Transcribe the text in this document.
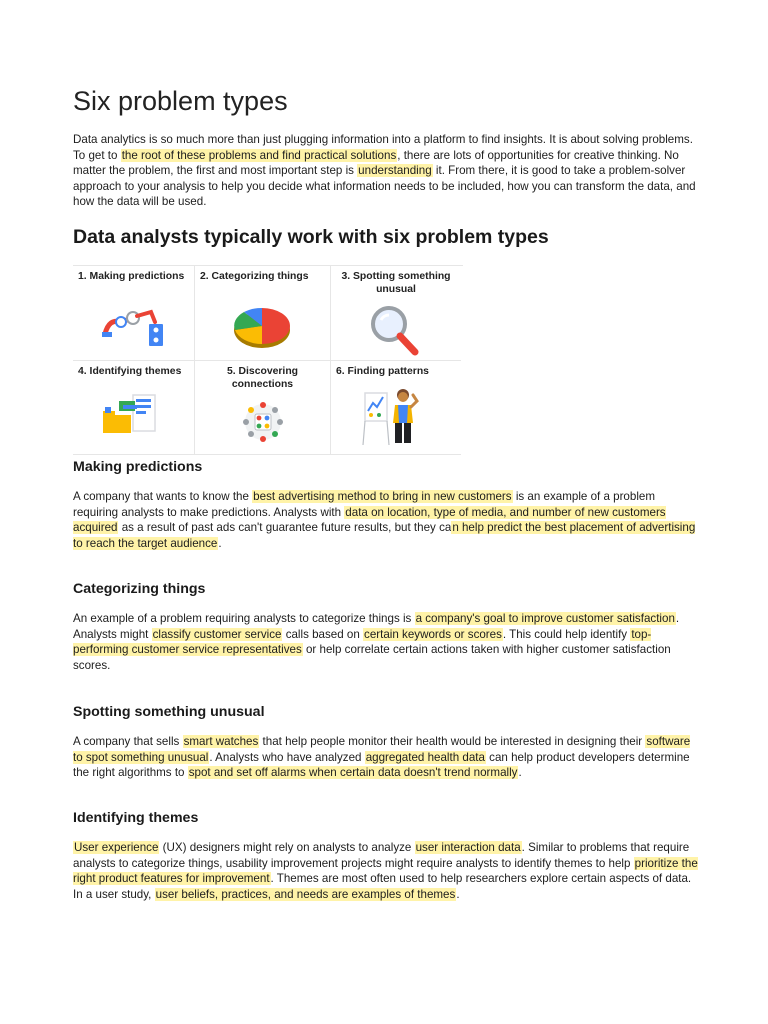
Six problem types

Data analytics is so much more than just plugging information into a platform to find insights. It is about solving problems. To get to the root of these problems and find practical solutions, there are lots of opportunities for creative thinking. No matter the problem, the first and most important step is understanding it. From there, it is good to take a problem-solver approach to your analysis to help you decide what information needs to be included, how you can transform the data, and how the data will be used.

Data analysts typically work with six problem types
1. Making predictions 2. Categorizing things	3. Spotting something unusual
4. Identifying themes	5. Discovering connections
6. Finding patterns
Making predictions

A company that wants to know the best advertising method to bring in new customers is an example of a problem requiring analysts to make predictions. Analysts with data on location, type of media, and number of new customers acquired as a result of past ads can't guarantee future results, but they can help predict the best placement of advertising to reach the target audience.

Categorizing things

An example of a problem requiring analysts to categorize things is a company's goal to improve customer satisfaction. Analysts might classify customer service calls based on certain keywords or scores. This could help identify top-performing customer service representatives or help correlate certain actions taken with higher customer satisfaction scores.

Spotting something unusual

A company that sells smart watches that help people monitor their health would be interested in designing their software to spot something unusual. Analysts who have analyzed aggregated health data can help product developers determine the right algorithms to spot and set off alarms when certain data doesn't trend normally.

Identifying themes

User experience (UX) designers might rely on analysts to analyze user interaction data. Similar to problems that require analysts to categorize things, usability improvement projects might require analysts to identify themes to help prioritize the right product features for improvement. Themes are most often used to help researchers explore certain aspects of data. In a user study, user beliefs, practices, and needs are examples of themes.
